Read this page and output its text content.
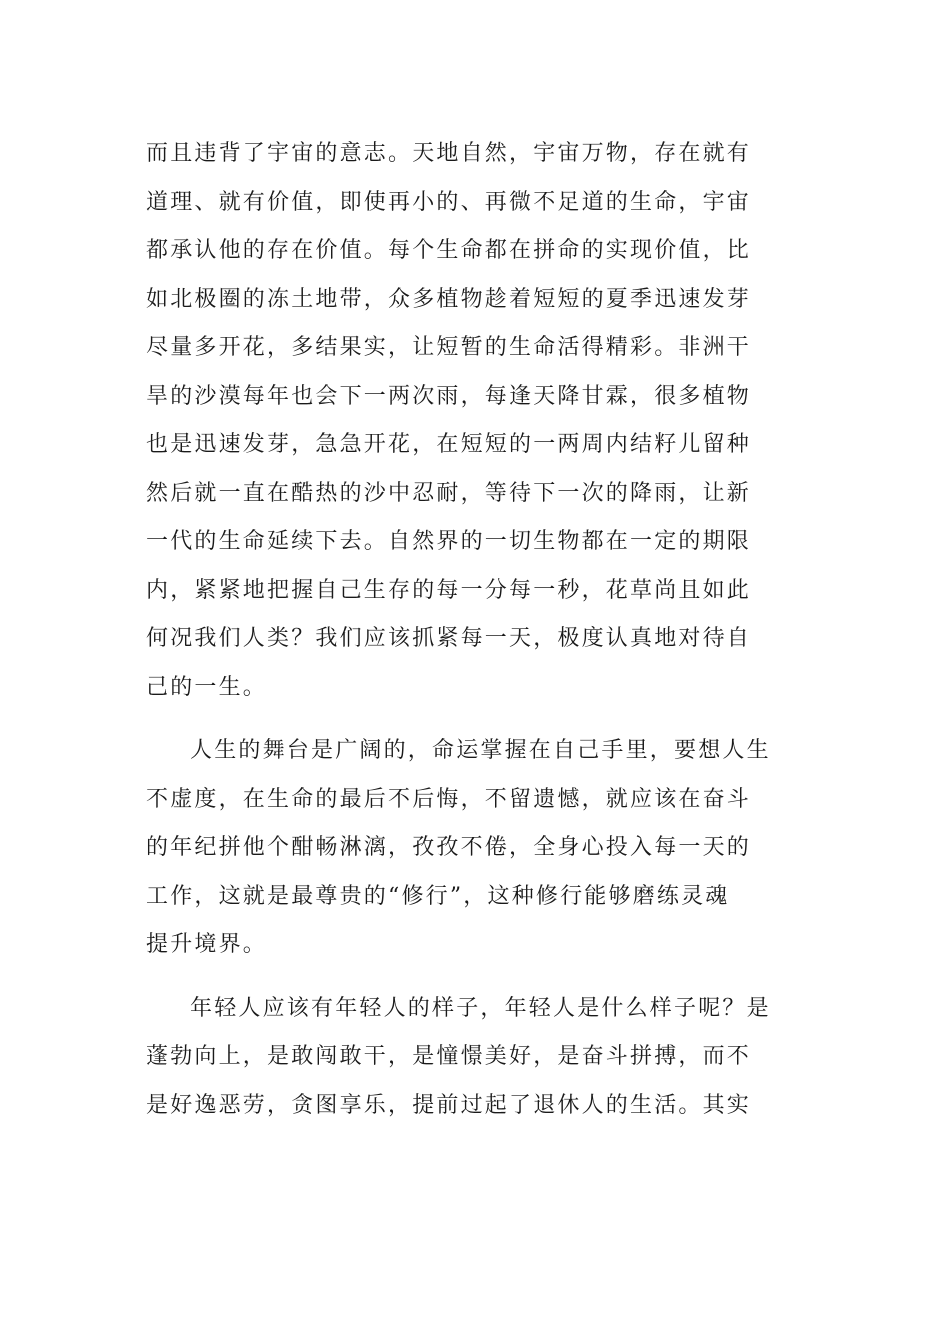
而且违背了宇宙的意志。天地自然，宇宙万物，存在就有
道理、就有价值，即使再小的、再微不足道的生命，宇宙
都承认他的存在价值。每个生命都在拼命的实现价值，比
如北极圈的冻土地带，众多植物趁着短短的夏季迅速发芽
尽量多开花，多结果实，让短暂的生命活得精彩。非洲干
旱的沙漠每年也会下一两次雨，每逢天降甘霖，很多植物
也是迅速发芽，急急开花，在短短的一两周内结籽儿留种
然后就一直在酷热的沙中忍耐，等待下一次的降雨，让新
一代的生命延续下去。自然界的一切生物都在一定的期限
内，紧紧地把握自己生存的每一分每一秒，花草尚且如此
何况我们人类？我们应该抓紧每一天，极度认真地对待自
己的一生。
人生的舞台是广阔的，命运掌握在自己手里，要想人生
不虚度，在生命的最后不后悔，不留遗憾，就应该在奋斗
的年纪拼他个酣畅淋漓，孜孜不倦，全身心投入每一天的
工作，这就是最尊贵的“修行”，这种修行能够磨练灵魂
提升境界。
年轻人应该有年轻人的样子，年轻人是什么样子呢？是
蓬勃向上，是敢闯敢干，是憧憬美好，是奋斗拼搏，而不
是好逸恶劳，贪图享乐，提前过起了退休人的生活。其实
